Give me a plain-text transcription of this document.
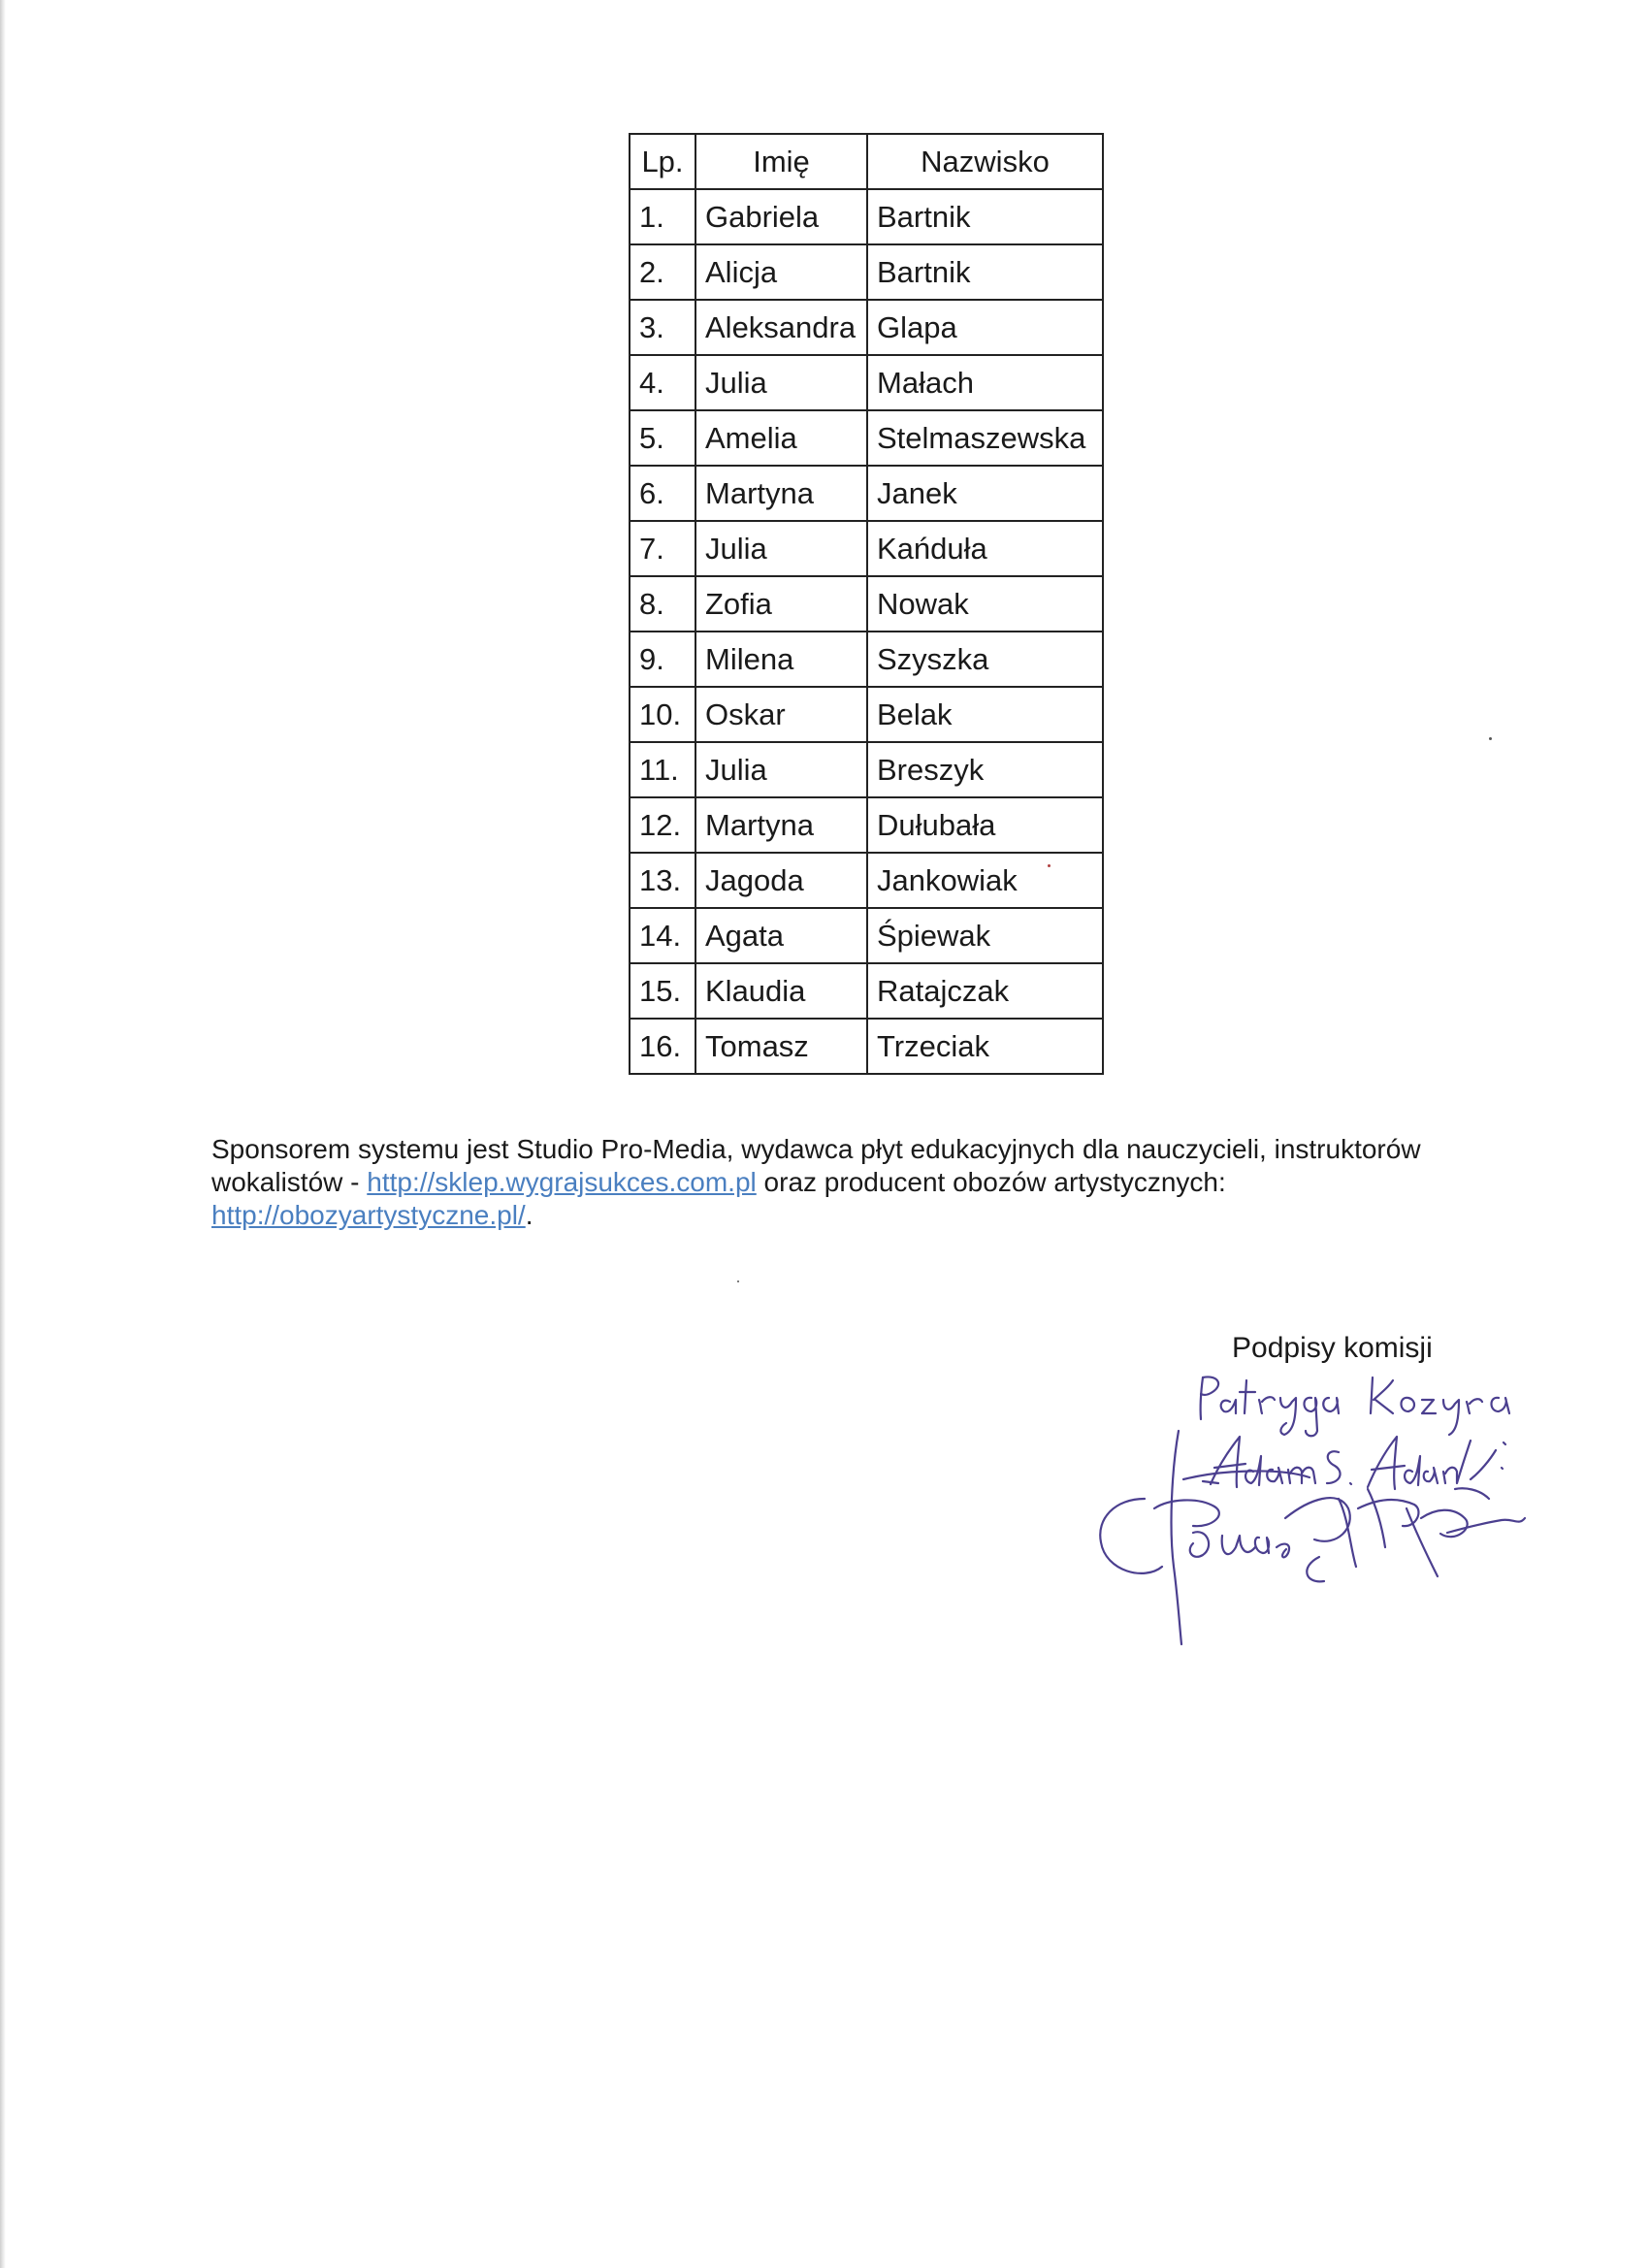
Lp.	Imię	Nazwisko
1.	Gabriela	Bartnik
2.	Alicja	Bartnik
3.	Aleksandra	Glapa
4.	Julia	Małach
5.	Amelia	Stelmaszewska
6.	Martyna	Janek
7.	Julia	Kańduła
8.	Zofia	Nowak
9.	Milena	Szyszka
10.	Oskar	Belak
11.	Julia	Breszyk
12.	Martyna	Dułubała
13.	Jagoda	Jankowiak
14.	Agata	Śpiewak
15.	Klaudia	Ratajczak
16.	Tomasz	Trzeciak
Sponsorem systemu jest Studio Pro-Media, wydawca płyt edukacyjnych dla nauczycieli, instruktorów wokalistów - http://sklep.wygrajsukces.com.pl oraz producent obozów artystycznych: http://obozyartystyczne.pl/.
Podpisy komisji
